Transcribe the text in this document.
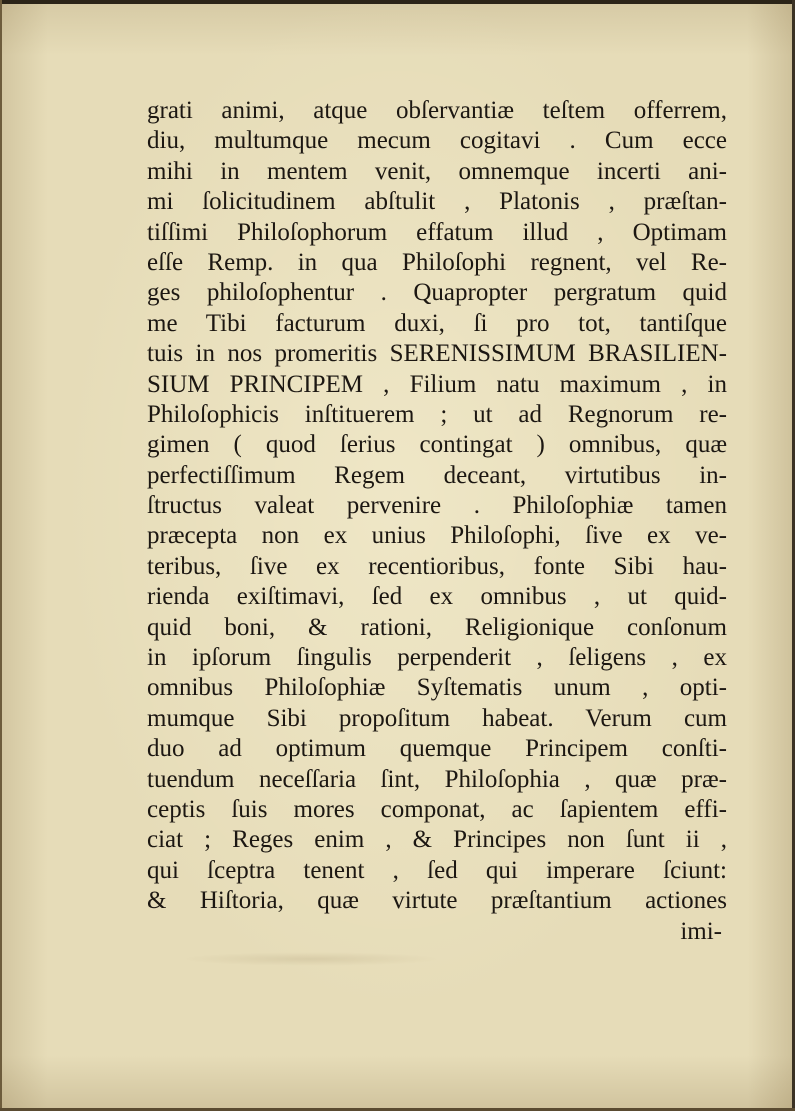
grati animi, atque obſervantiæ teſtem offerrem,
diu, multumque mecum cogitavi . Cum ecce
mihi in mentem venit, omnemque incerti ani-
mi ſolicitudinem abſtulit , Platonis , præſtan-
tiſſimi Philoſophorum effatum illud , Optimam
eſſe Remp. in qua Philoſophi regnent, vel Re-
ges philoſophentur . Quapropter pergratum quid
me Tibi facturum duxi, ſi pro tot, tantiſque
tuis in nos promeritis SERENISSIMUM BRASILIEN-
SIUM PRINCIPEM , Filium natu maximum , in
Philoſophicis inſtituerem ; ut ad Regnorum re-
gimen ( quod ſerius contingat ) omnibus, quæ
perfectiſſimum Regem deceant, virtutibus in-
ſtructus valeat pervenire . Philoſophiæ tamen
præcepta non ex unius Philoſophi, ſive ex ve-
teribus, ſive ex recentioribus, fonte Sibi hau-
rienda exiſtimavi, ſed ex omnibus , ut quid-
quid boni, & rationi, Religionique conſonum
in ipſorum ſingulis perpenderit , ſeligens , ex
omnibus Philoſophiæ Syſtematis unum , opti-
mumque Sibi propoſitum habeat. Verum cum
duo ad optimum quemque Principem conſti-
tuendum neceſſaria ſint, Philoſophia , quæ præ-
ceptis ſuis mores componat, ac ſapientem effi-
ciat ; Reges enim , & Principes non ſunt ii ,
qui ſceptra tenent , ſed qui imperare ſciunt:
& Hiſtoria, quæ virtute præſtantium actiones
imi-
